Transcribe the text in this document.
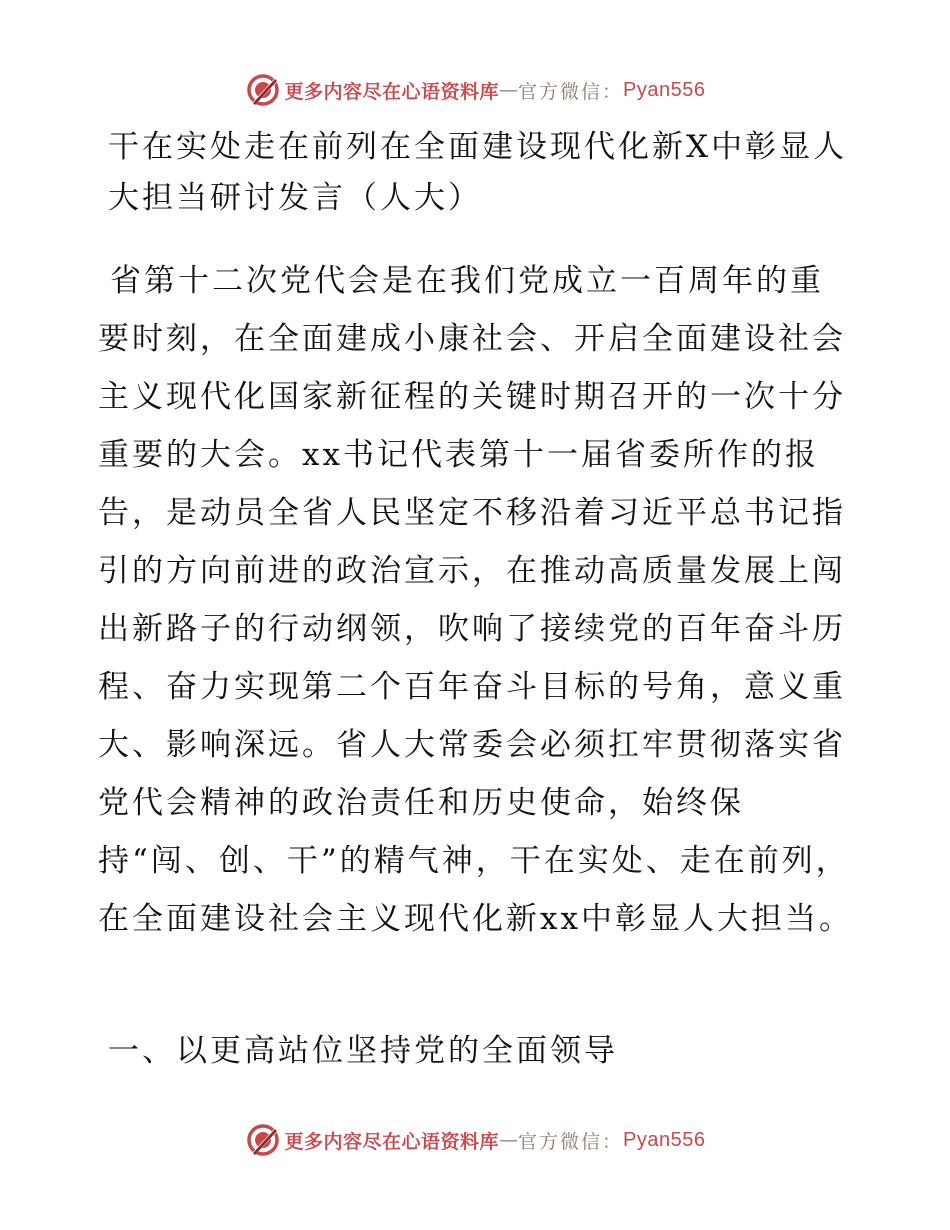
更多内容尽在心语资料库 — 官方微信： Pyan556
干在实处走在前列在全面建设现代化新X中彰显人大担当研讨发言（人大）

省第十二次党代会是在我们党成立一百周年的重要时刻，在全面建成小康社会、开启全面建设社会主义现代化国家新征程的关键时期召开的一次十分重要的大会。xx书记代表第十一届省委所作的报告，是动员全省人民坚定不移沿着习近平总书记指引的方向前进的政治宣示，在推动高质量发展上闯出新路子的行动纲领，吹响了接续党的百年奋斗历程、奋力实现第二个百年奋斗目标的号角，意义重大、影响深远。省人大常委会必须扛牢贯彻落实省党代会精神的政治责任和历史使命，始终保持“闯、创、干”的精气神，干在实处、走在前列，在全面建设社会主义现代化新xx中彰显人大担当。

一、以更高站位坚持党的全面领导
更多内容尽在心语资料库 — 官方微信： Pyan556
